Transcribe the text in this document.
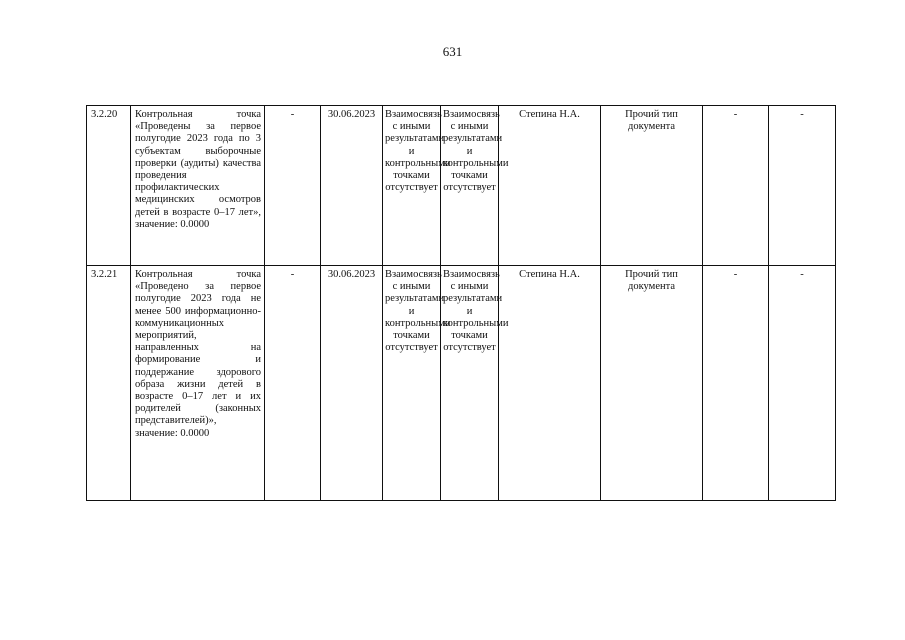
631
3.2.20	Контрольная точка «Проведены за первое полугодие 2023 года по 3 субъектам выборочные проверки (аудиты) качества проведения профилактических медицинских осмотров детей в возрасте 0–17 лет», значение: 0.0000	-	30.06.2023	Взаимосвязь с иными результатами и контрольными точками отсутствует	Взаимосвязь с иными результатами и контрольными точками отсутствует	Степина Н.А.	Прочий тип документа	-	-
3.2.21	Контрольная точка «Проведено за первое полугодие 2023 года не менее 500 информационно-коммуникационных мероприятий, направленных на формирование и поддержание здорового образа жизни детей в возрасте 0–17 лет и их родителей (законных представителей)», значение: 0.0000	-	30.06.2023	Взаимосвязь с иными результатами и контрольными точками отсутствует	Взаимосвязь с иными результатами и контрольными точками отсутствует	Степина Н.А.	Прочий тип документа	-	-
